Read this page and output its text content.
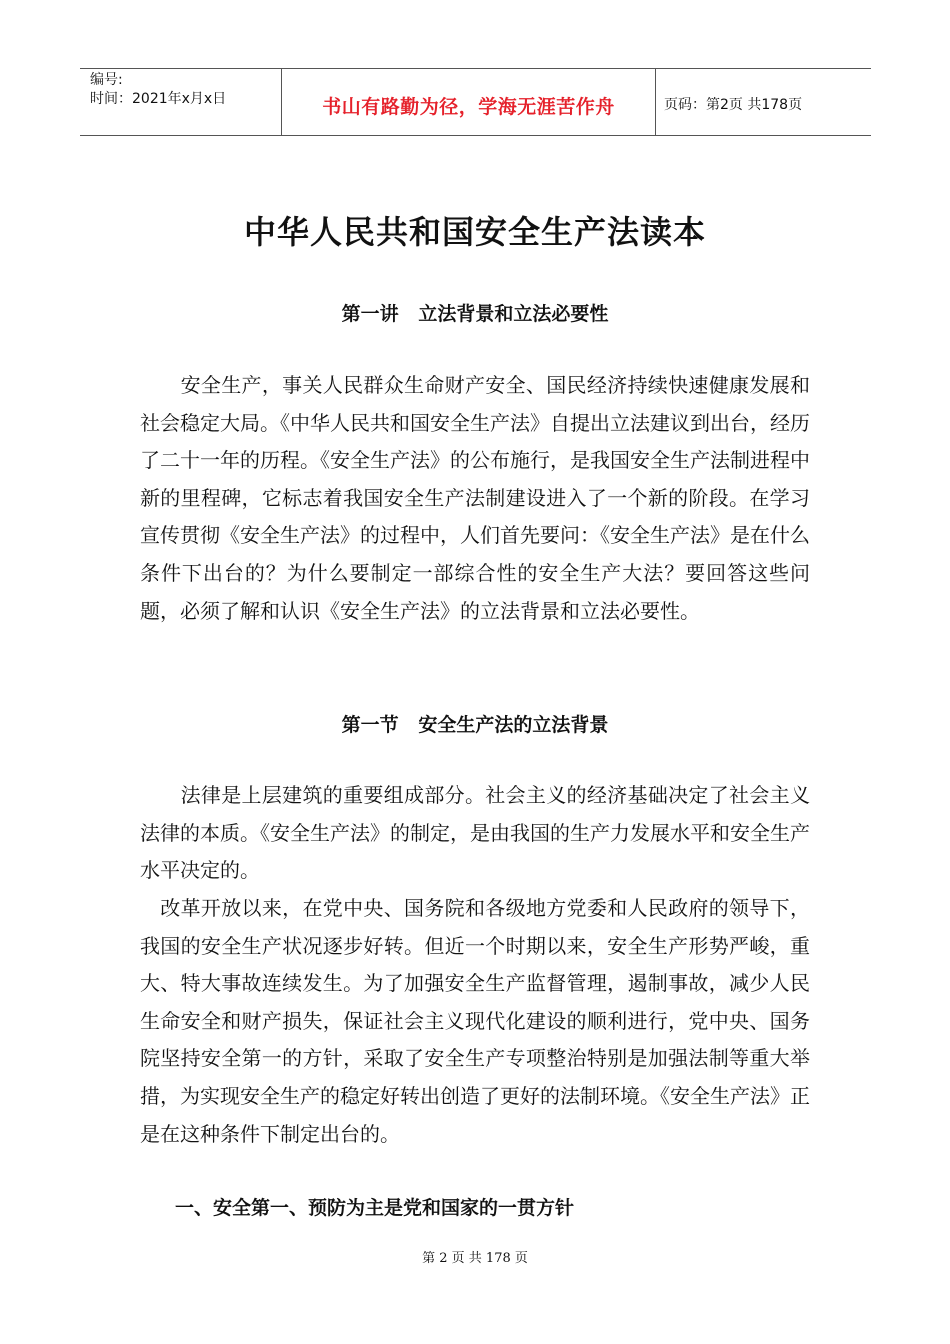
编号:
时间：2021年x月x日	书山有路勤为径，学海无涯苦作舟	页码：第2页 共178页
中华人民共和国安全生产法读本
第一讲   立法背景和立法必要性
　　安全生产，事关人民群众生命财产安全、国民经济持续快速健康发展和社会稳定大局。《中华人民共和国安全生产法》自提出立法建议到出台，经历了二十一年的历程。《安全生产法》的公布施行，是我国安全生产法制进程中新的里程碑，它标志着我国安全生产法制建设进入了一个新的阶段。在学习宣传贯彻《安全生产法》的过程中，人们首先要问：《安全生产法》是在什么条件下出台的？为什么要制定一部综合性的安全生产大法？要回答这些问题，必须了解和认识《安全生产法》的立法背景和立法必要性。
第一节   安全生产法的立法背景
　　法律是上层建筑的重要组成部分。社会主义的经济基础决定了社会主义法律的本质。《安全生产法》的制定，是由我国的生产力发展水平和安全生产水平决定的。
　改革开放以来，在党中央、国务院和各级地方党委和人民政府的领导下，我国的安全生产状况逐步好转。但近一个时期以来，安全生产形势严峻，重大、特大事故连续发生。为了加强安全生产监督管理，遏制事故，减少人民生命安全和财产损失，保证社会主义现代化建设的顺利进行，党中央、国务院坚持安全第一的方针，采取了安全生产专项整治特别是加强法制等重大举措，为实现安全生产的稳定好转出创造了更好的法制环境。《安全生产法》正是在这种条件下制定出台的。
一、安全第一、预防为主是党和国家的一贯方针
第 2 页 共 178 页
